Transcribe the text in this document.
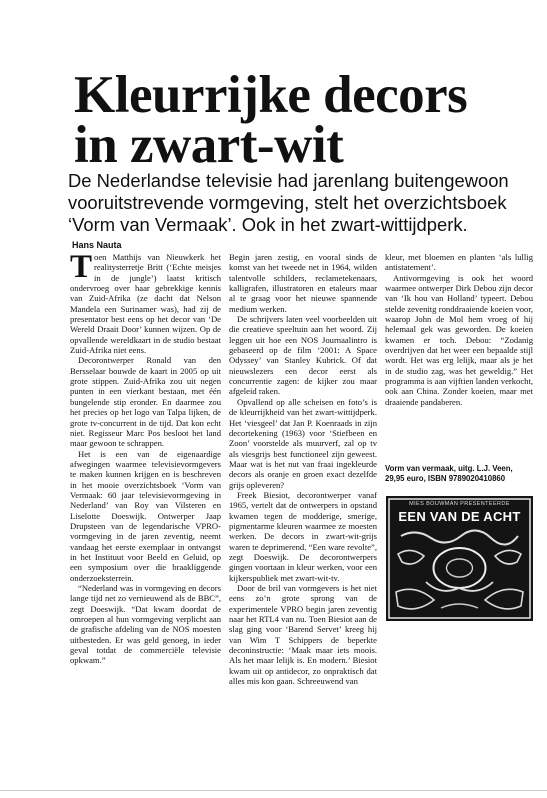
Kleurrijke decors
in zwart-wit

De Nederlandse televisie had jarenlang buitengewoon vooruitstrevende vormgeving, stelt het overzichtsboek ‘Vorm van Vermaak’. Ook in het zwart-wittijdperk.

Hans Nauta

Toen Matthijs van Nieuwkerk het realitysterretje Britt (‘Echte meisjes in de jungle’) laatst kritisch ondervroeg over haar gebrekkige kennis van Zuid-Afrika (ze dacht dat Nelson Mandela een Surinamer was), had zij de presentator best eens op het decor van ‘De Wereld Draait Door’ kunnen wijzen. Op de opvallende wereldkaart in de studio bestaat Zuid-Afrika niet eens.

Decorontwerper Ronald van den Bersselaar bouwde de kaart in 2005 op uit grote stippen. Zuid-Afrika zou uit negen punten in een vierkant bestaan, met één bungelende stip eronder. En daarmee zou het precies op het logo van Talpa lijken, de grote tv-concurrent in de tijd. Dat kon echt niet. Regisseur Marc Pos besloot het land maar gewoon te schrappen.

Het is een van de eigenaardige afwegingen waarmee televisievormgevers te maken kunnen krijgen en is beschreven in het mooie overzichtsboek ‘Vorm van Vermaak: 60 jaar televisievormgeving in Nederland’ van Roy van Vilsteren en Liselotte Doeswijk. Ontwerper Jaap Drupsteen van de legendarische VPRO-vormgeving in de jaren zeventig, neemt vandaag het eerste exemplaar in ontvangst in het Instituut voor Beeld en Geluid, op een symposium over die braakliggende onderzoeksterrein.

“Nederland was in vormgeving en decors lange tijd net zo vernieuwend als de BBC”, zegt Doeswijk. “Dat kwam doordat de omroepen al hun vormgeving verplicht aan de grafische afdeling van de NOS moesten uitbesteden. Er was geld genoeg, in ieder geval totdat de commerciële televisie opkwam.”

Begin jaren zestig, en vooral sinds de komst van het tweede net in 1964, wilden talentvolle schilders, reclametekenaars, kalligrafen, illustratoren en etaleurs maar al te graag voor het nieuwe spannende medium werken.

De schrijvers laten veel voorbeelden uit die creatieve speeltuin aan het woord. Zij leggen uit hoe een NOS Journaalintro is gebaseerd op de film ‘2001: A Space Odyssey’ van Stanley Kubrick. Of dat nieuwslezers een decor eerst als concurrentie zagen: de kijker zou maar afgeleid raken.

Opvallend op alle scheisen en foto’s is de kleurrijkheid van het zwart-wittijdperk. Het ‘viesgeel’ dat Jan P. Koenraads in zijn decortekening (1963) voor ‘Stiefbeen en Zoon’ voorstelde als muurverf, zal op tv als viesgrijs best functioneel zijn geweest. Maar wat is het nut van fraai ingekleurde decors als oranje en groen exact dezelfde grijs opleveren?

Freek Biesiot, decorontwerper vanaf 1965, vertelt dat de ontwerpers in opstand kwamen tegen de modderige, smerige, pigmentarme kleuren waarmee ze moesten werken. De decors in zwart-wit-grijs waren te deprimerend. “Een ware revolte”, zegt Doeswijk. De decorontwerpers gingen voortaan in kleur werken, voor een kijkerspubliek met zwart-wit-tv.

Door de bril van vormgevers is het niet eens zo’n grote sprong van de experimentele VPRO begin jaren zeventig naar het RTL4 van nu. Toen Biesiot aan de slag ging voor ‘Barend Servet’ kreeg hij van Wim T Schippers de beperkte deconinstructie: ‘Maak maar iets moois. Als het maar lelijk is. En modern.’ Biesiot kwam uit op antidecor, zo onpraktisch dat alles mis kon gaan. Schreeuwend van

kleur, met bloemen en planten ‘als lullig antistatement’.

Antivormgeving is ook het woord waarmee ontwerper Dirk Debou zijn decor van ‘Ik hou van Holland’ typeert. Debou stelde zevenitg ronddraaiende koeien voor, waarop John de Mol hem vroeg of hij helemaal gek was geworden. De koeien kwamen er toch. Debou: “Zodanig overdrijven dat het weer een bepaalde stijl wordt. Het was erg lelijk, maar als je het in de studio zag, was het geweldig.” Het programma is aan vijftien landen verkocht, ook aan China. Zonder koeien, maar met draaiende pandaberen.

Vorm van vermaak, uitg. L.J. Veen,
29,95 euro, ISBN 9789020410860
MIES BOUWMAN PRESENTEERDE
EEN VAN DE ACHT
